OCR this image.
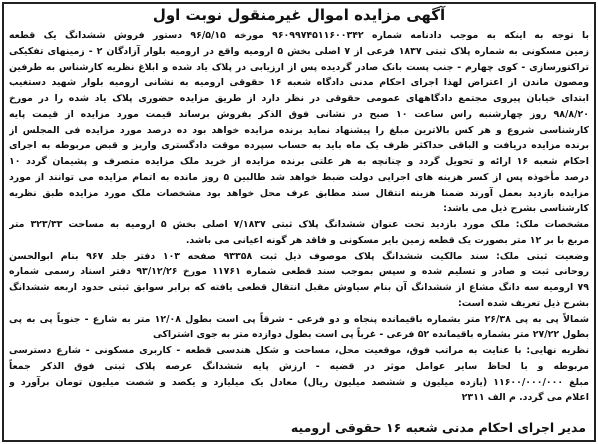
آگهی مزایده اموال غیرمنقول نوبت اول
با توجه به اینکه به موجب دادنامه شماره ۹۶۰۹۹۷۴۵۱۱۶۰۰۳۴۲ مورخه ۹۶/۵/۱۵ دستور فروش ششدانگ یک قطعه
زمین مسکونی به شماره پلاک ثبتی ۱۸۳۷ فرعی از ۷ اصلی بخش ۵ ارومیه واقع در ارومیه بلوار آزادگان ۲ - زمینهای تفکیکی
تراکتورسازی - کوی چهارم - جنب پست بانک صادر گردیده پس از ارزیابی در پلاک یاد شده و ابلاغ نظریه کارشناس به طرفین
ومصون ماندن از اعتراض لهذا اجرای احکام مدنی دادگاه شعبه ۱۶ حقوقی ارومیه به نشانی ارومیه بلوار شهید دستغیب
ابتدای خیابان پیروی مجتمع دادگاههای عمومی حقوقی در نظر دارد از طریق مزایده حضوری پلاک یاد شده را در مورخ
۹۸/۸/۲۰ روز چهارشنبه راس ساعت ۱۰ صبح در نشانی فوق الذکر بفروش برساند قیمت مورد مزایده از قیمت پایه
کارشناسی شروع و هر کس بالاترین مبلغ را پیشنهاد نماید برنده مزایده خواهد بود ده درصد مورد مزایده فی المجلس از
برنده مزایده دریافت و الباقی حداکثر ظرف یک ماه باید به حساب سپرده موقت دادگستری واریز و قبض مربوطه به اجرای
احکام شعبه ۱۶ ارائه و تحویل گردد و چنانچه به هر علتی برنده مزایده از خرید ملک مزایده متصرف و پشیمان گردد ۱۰
درصد مأخوذه پس از کسر هزینه های اجرایی دولت ضبط خواهد شد طالبین ۵ روز مانده به اتمام مزایده می توانند از مورد
مزایده بازدید بعمل آورند ضمنا هزینه انتقال سند مطابق عرف محل خواهد بود مشخصات ملک مورد مزایده طبق نظریه
کارشناسی بشرح ذیل می باشد:
مشخصات ملک: ملک مورد بازدید تحت عنوان ششدانگ پلاک ثبتی ۷/۱۸۳۷ اصلی بخش ۵ ارومیه به مساحت ۳۲۳/۳۳ متر
مربع با بر ۱۲ متر بصورت یک قطعه زمین بایر مسکونی و فاقد هر گونه اعیانی می باشد.
وضعیت ثبتی ملک: سند مالکیت ششدانگ پلاک موصوف ذیل ثبت ۹۳۳۵۸ صفحه ۱۰۳ دفتر جلد ۹۶۷ بنام ابوالحسن
روحانی ثبت و صادر و تسلیم شده و سپس بموجب سند قطعی شماره ۱۱۷۶۱ مورخ ۹۳/۱۲/۲۶ دفتر اسناد رسمی شماره
۷۹ ارومیه سه دانگ مشاع از ششدانگ آن بنام سیاوش مقبل انتقال قطعی یافته که برابر سوابق ثبتی حدود اربعه ششدانگ
بشرح ذیل تعریف شده است:
شمالاً پی به پی ۲۶/۳۸ متر بشماره باقیمانده پنجاه و دو فرعی - شرقاً پی است بطول ۱۲/۰۸ متر به شارع - جنوباً پی به پی
بطول ۲۷/۲۲ متر بشماره باقیمانده ۵۲ فرعی - غرباً پی است بطول دوازده متر به جوی اشتراکی
نظریه نهایی: با عنایت به مراتب فوق، موقعیت محل، مساحت و شکل هندسی قطعه - کاربری مسکونی - شارع دسترسی
مربوطه و با لحاظ سایر عوامل موثر در قضیه - ارزش پایه ششدانگ عرصه پلاک ثبتی فوق الذکر جمعاً
مبلغ ۱۱۶۰۰/۰۰۰/۰۰۰ (یازده میلیون و ششصد میلیون ریال) معادل یک میلیارد و یکصد و شصت میلیون تومان برآورد و
اعلام می گردد. م الف ۲۳۱۱
مدیر اجرای احکام مدنی شعبه ۱۶ حقوقی ارومیه
